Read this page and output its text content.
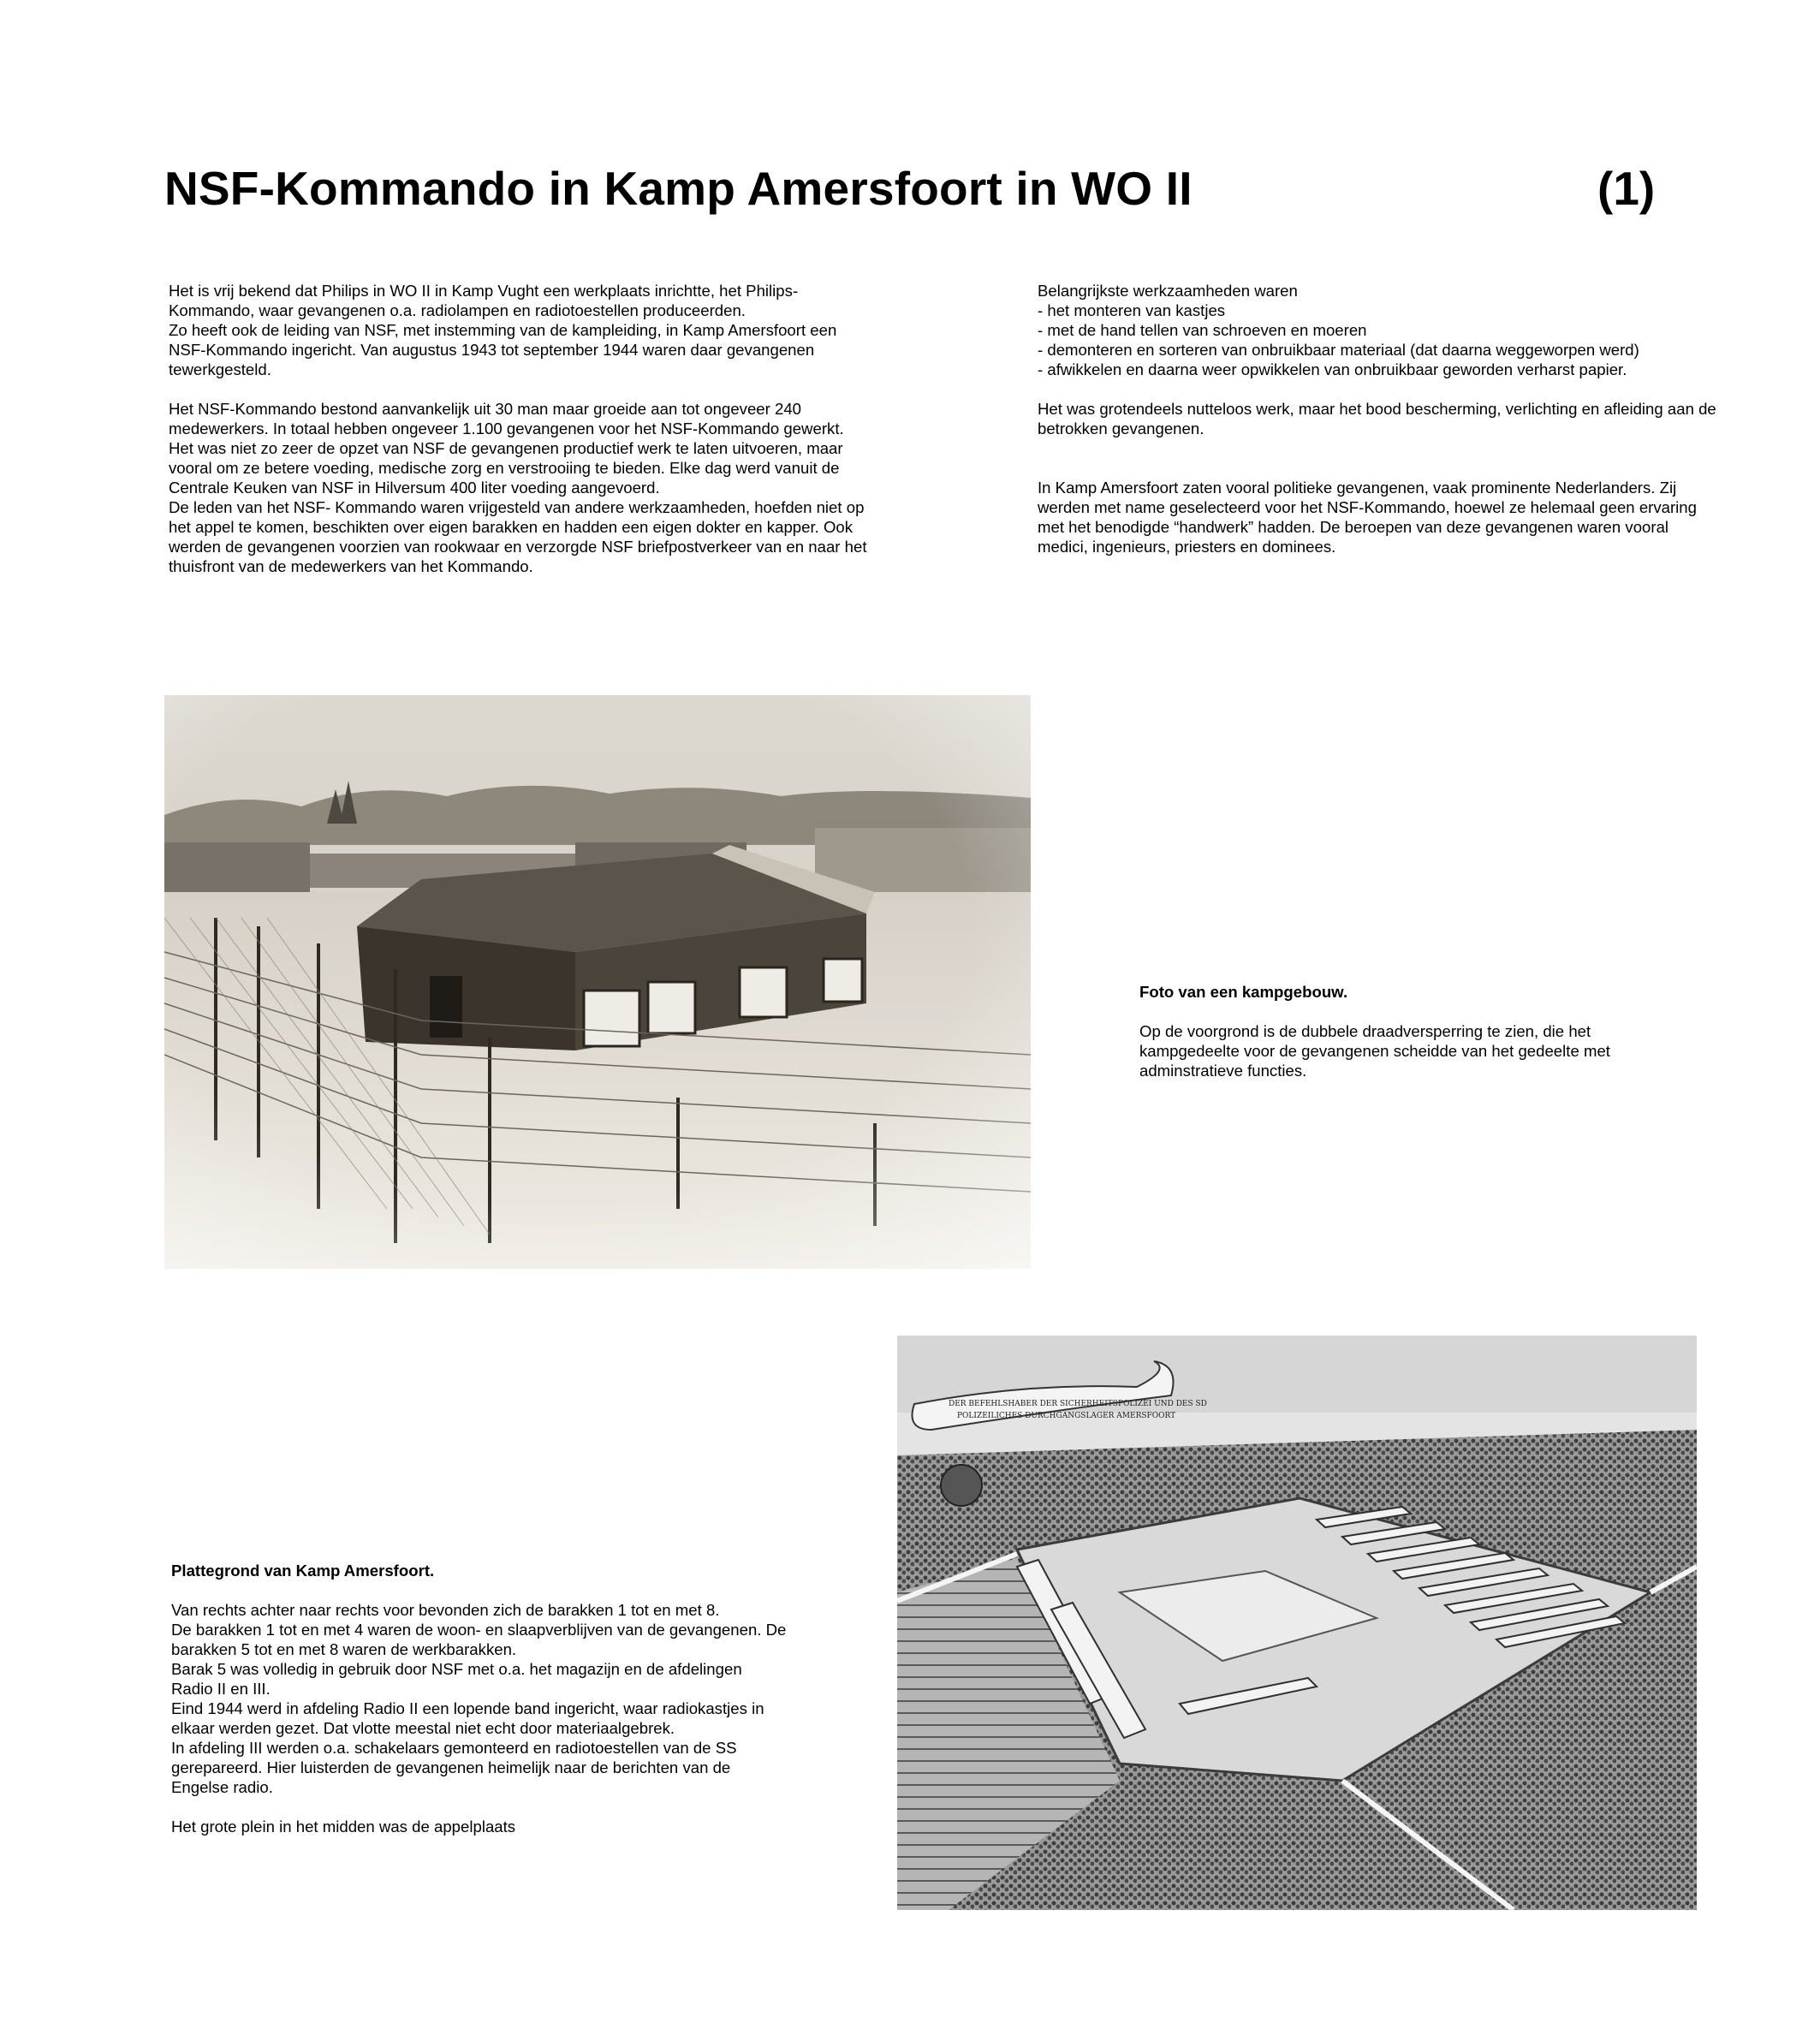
NSF-Kommando in Kamp Amersfoort in WO II	(1)

Het is vrij bekend dat Philips in WO II in Kamp Vught een werkplaats inrichtte, het Philips-Kommando, waar gevangenen o.a. radiolampen en radiotoestellen produceerden.
Zo heeft ook de leiding van NSF, met instemming van de kampleiding, in Kamp Amersfoort een NSF-Kommando ingericht. Van augustus 1943 tot september 1944 waren daar gevangenen tewerkgesteld.

Het NSF-Kommando bestond aanvankelijk uit 30 man maar groeide aan tot ongeveer 240 medewerkers. In totaal hebben ongeveer 1.100 gevangenen voor het NSF-Kommando gewerkt.
Het was niet zo zeer de opzet van NSF de gevangenen productief werk te laten uitvoeren, maar vooral om ze betere voeding, medische zorg en verstrooiing te bieden. Elke dag werd vanuit de Centrale Keuken van NSF in Hilversum 400 liter voeding aangevoerd.
De leden van het NSF- Kommando waren vrijgesteld van andere werkzaamheden, hoefden niet op het appel te komen, beschikten over eigen barakken en hadden een eigen dokter en kapper. Ook werden de gevangenen voorzien van rookwaar en verzorgde NSF briefpostverkeer van en naar het thuisfront van de medewerkers van het Kommando.

Belangrijkste werkzaamheden waren
- het monteren van kastjes
- met de hand tellen van schroeven en moeren
- demonteren en sorteren van onbruikbaar materiaal (dat daarna weggeworpen werd)
- afwikkelen en daarna weer opwikkelen van onbruikbaar geworden verharst papier.

Het was grotendeels nutteloos werk, maar het bood bescherming, verlichting en afleiding aan de betrokken gevangenen.

In Kamp Amersfoort zaten vooral politieke gevangenen, vaak prominente Nederlanders. Zij werden met name geselecteerd voor het NSF-Kommando, hoewel ze helemaal geen ervaring met het benodigde “handwerk” hadden. De beroepen van deze gevangenen waren vooral medici, ingenieurs, priesters en dominees.

Foto van een kampgebouw.

Op de voorgrond is de dubbele draadversperring te zien, die het kampgedeelte voor de gevangenen scheidde van het gedeelte met adminstratieve functies.

Plattegrond van Kamp Amersfoort.

Van rechts achter naar rechts voor bevonden zich de barakken 1 tot en met 8.
De barakken 1 tot en met 4 waren de woon- en slaapverblijven van de gevangenen. De barakken 5 tot en met 8 waren de werkbarakken.
Barak 5 was volledig in gebruik door NSF met o.a. het magazijn en de afdelingen Radio II en III.
Eind 1944 werd in afdeling Radio II een lopende band ingericht, waar radiokastjes in elkaar werden gezet. Dat vlotte meestal niet echt door materiaalgebrek.
In afdeling III werden o.a. schakelaars gemonteerd en radiotoestellen van de SS gerepareerd. Hier luisterden de gevangenen heimelijk naar de berichten van de Engelse radio.

Het grote plein in het midden was de appelplaats

DER BEFEHLSHABER DER SICHERHEITSPOLIZEI UND DES SD
POLIZEILICHES DURCHGANGSLAGER AMERSFOORT
